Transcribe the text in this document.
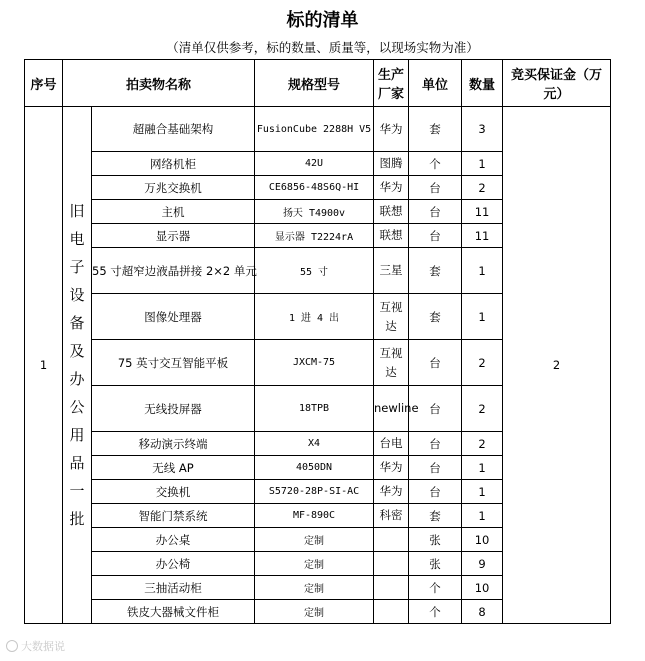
标的清单
（清单仅供参考，标的数量、质量等，以现场实物为准）
序号	拍卖物名称		规格型号	生产厂家	单位	数量	竞买保证金（万元）
1	旧电子设备及办公用品一批	超融合基础架构	FusionCube 2288H V5	华为	套	3	2
		网络机柜	42U	图腾	个	1	
		万兆交换机	CE6856-48S6Q-HI	华为	台	2	
		主机	扬天 T4900v	联想	台	11	
		显示器	显示器 T2224rA	联想	台	11	
		55 寸超窄边液晶拼接 2×2 单元	55 寸	三星	套	1	
		图像处理器	1 进 4 出	互视达	套	1	
		75 英寸交互智能平板	JXCM-75	互视达	台	2	
		无线投屏器	18TPB	newline	台	2	
		移动演示终端	X4	台电	台	2	
		无线 AP	4050DN	华为	台	1	
		交换机	S5720-28P-SI-AC	华为	台	1	
		智能门禁系统	MF-890C	科密	套	1	
		办公桌	定制		张	10	
		办公椅	定制		张	9	
		三抽活动柜	定制		个	10	
		铁皮大器械文件柜	定制		个	8	
大数据说
